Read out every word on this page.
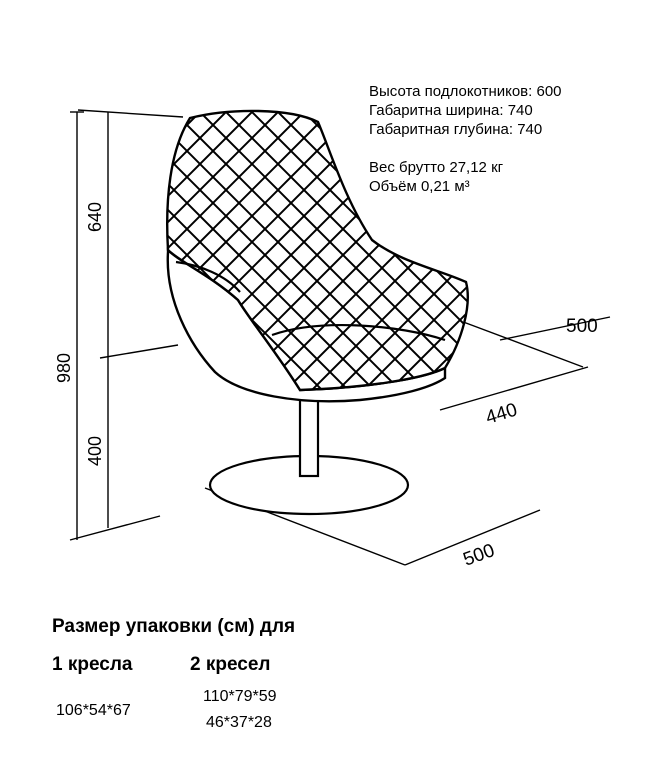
640
980
400
500
440
500
Высота подлокотников: 600
Габаритна ширина: 740
Габаритная глубина: 740
Вес брутто 27,12 кг
Объём 0,21 м³
Размер упаковки (см) для
1 кресла	2 кресел
106*54*67
110*79*59
46*37*28
